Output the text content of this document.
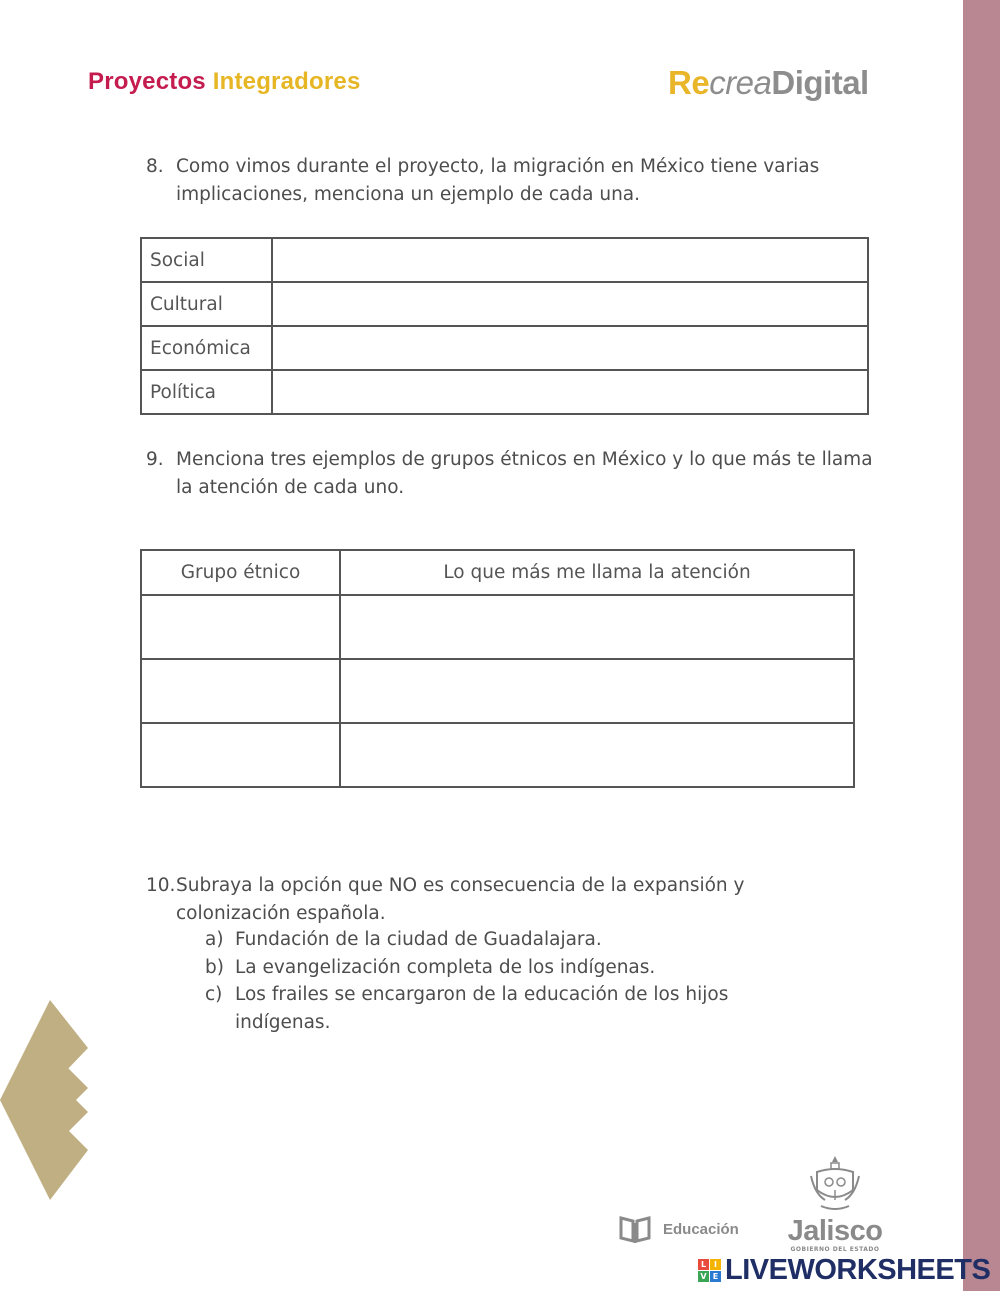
Proyectos Integradores	RecreaDigital
8. Como vimos durante el proyecto, la migración en México tiene varias implicaciones, menciona un ejemplo de cada una.
Social	
Cultural	
Económica	
Política	
9. Menciona tres ejemplos de grupos étnicos en México y lo que más te llama la atención de cada uno.
Grupo étnico	Lo que más me llama la atención

10. Subraya la opción que NO es consecuencia de la expansión y colonización española.
a) Fundación de la ciudad de Guadalajara.
b) La evangelización completa de los indígenas.
c) Los frailes se encargaron de la educación de los hijos indígenas.
Educación Jalisco
GOBIERNO DEL ESTADO
L I
V E LIVEWORKSHEETS
